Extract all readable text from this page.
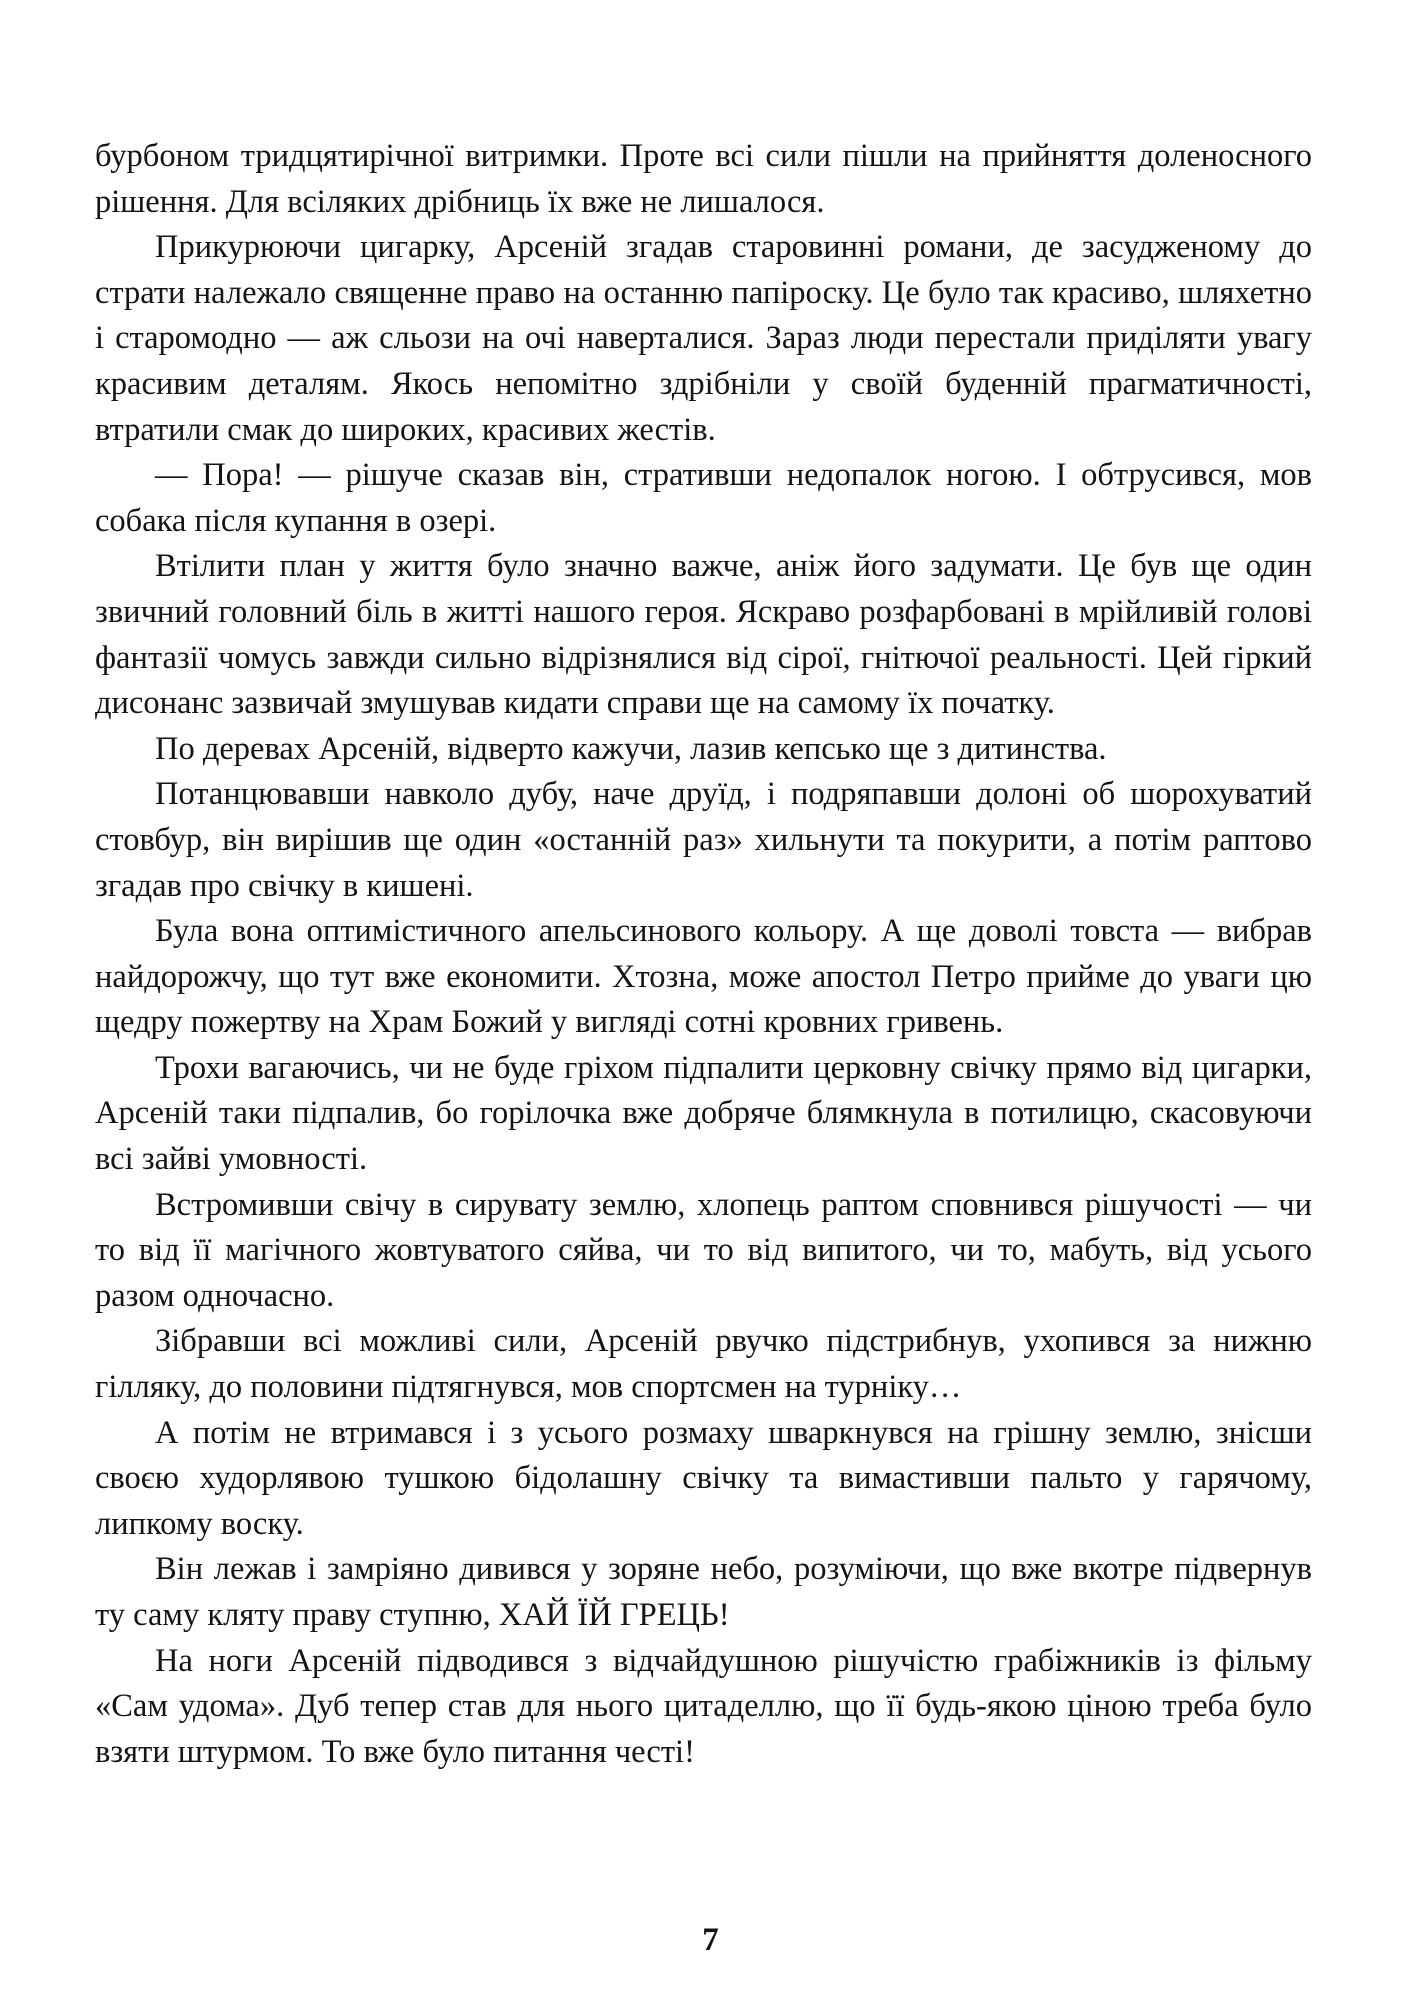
бурбоном тридцятирічної витримки. Проте всі сили пішли на прийняття доленосного рішення. Для всіляких дрібниць їх вже не лишалося.

Прикурюючи цигарку, Арсеній згадав старовинні романи, де засудженому до страти належало священне право на останню папіроску. Це було так красиво, шляхетно і старомодно — аж сльози на очі наверталися. Зараз люди перестали приділяти увагу красивим деталям. Якось непомітно здрібніли у своїй буденній прагматичності, втратили смак до широких, красивих жестів.

— Пора! — рішуче сказав він, стративши недопалок ногою. І обтрусився, мов собака після купання в озері.

Втілити план у життя було значно важче, аніж його задумати. Це був ще один звичний головний біль в житті нашого героя. Яскраво розфарбовані в мрійливій голові фантазії чомусь завжди сильно відрізнялися від сірої, гнітючої реальності. Цей гіркий дисонанс зазвичай змушував кидати справи ще на самому їх початку.

По деревах Арсеній, відверто кажучи, лазив кепсько ще з дитинства.

Потанцювавши навколо дубу, наче друїд, і подряпавши долоні об шорохуватий стовбур, він вирішив ще один «останній раз» хильнути та покурити, а потім раптово згадав про свічку в кишені.

Була вона оптимістичного апельсинового кольору. А ще доволі товста — вибрав найдорожчу, що тут вже економити. Хтозна, може апостол Петро прийме до уваги цю щедру пожертву на Храм Божий у вигляді сотні кровних гривень.

Трохи вагаючись, чи не буде гріхом підпалити церковну свічку прямо від цигарки, Арсеній таки підпалив, бо горілочка вже добряче блямкнула в потилицю, скасовуючи всі зайві умовності.

Встромивши свічу в сирувату землю, хлопець раптом сповнився рішучості — чи то від її магічного жовтуватого сяйва, чи то від випитого, чи то, мабуть, від усього разом одночасно.

Зібравши всі можливі сили, Арсеній рвучко підстрибнув, ухопився за нижню гілляку, до половини підтягнувся, мов спортсмен на турніку…

А потім не втримався і з усього розмаху шваркнувся на грішну землю, знісши своєю худорлявою тушкою бідолашну свічку та вимастивши пальто у гарячому, липкому воску.

Він лежав і замріяно дивився у зоряне небо, розуміючи, що вже вкотре підвернув ту саму кляту праву ступню, ХАЙ ЇЙ ГРЕЦЬ!

На ноги Арсеній підводився з відчайдушною рішучістю грабіжників із фільму «Сам удома». Дуб тепер став для нього цитаделлю, що її будь-якою ціною треба було взяти штурмом. То вже було питання честі!

7
